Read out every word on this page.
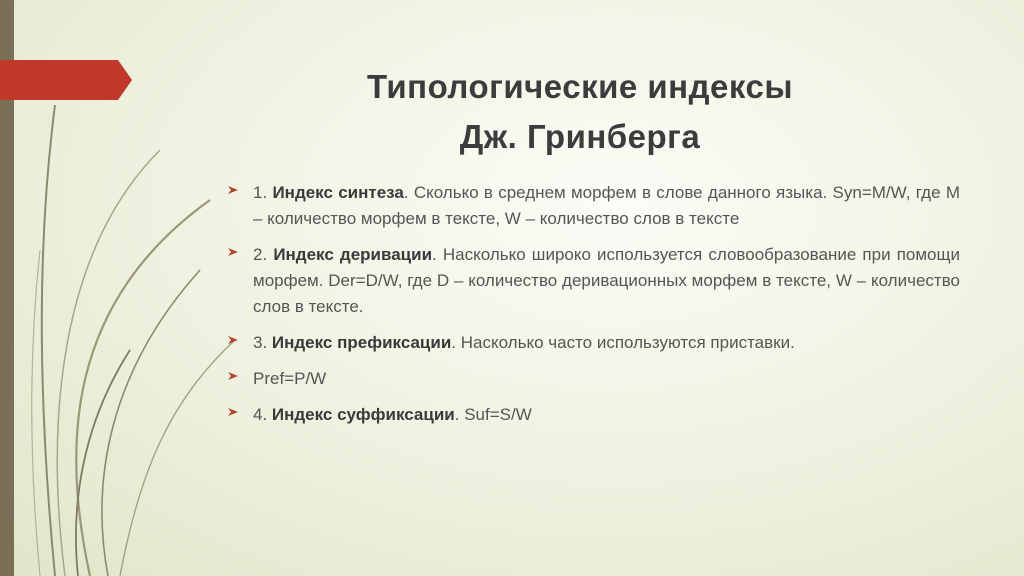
Типологические индексы
Дж. Гринберга
1. Индекс синтеза. Сколько в среднем морфем в слове данного языка. Syn=M/W, где M – количество морфем в тексте, W – количество слов в тексте
2. Индекс деривации. Насколько широко используется словообразование при помощи морфем. Der=D/W, где D – количество деривационных морфем в тексте, W – количество слов в тексте.
3. Индекс префиксации. Насколько часто используются приставки.
Pref=P/W
4. Индекс суффиксации. Suf=S/W
